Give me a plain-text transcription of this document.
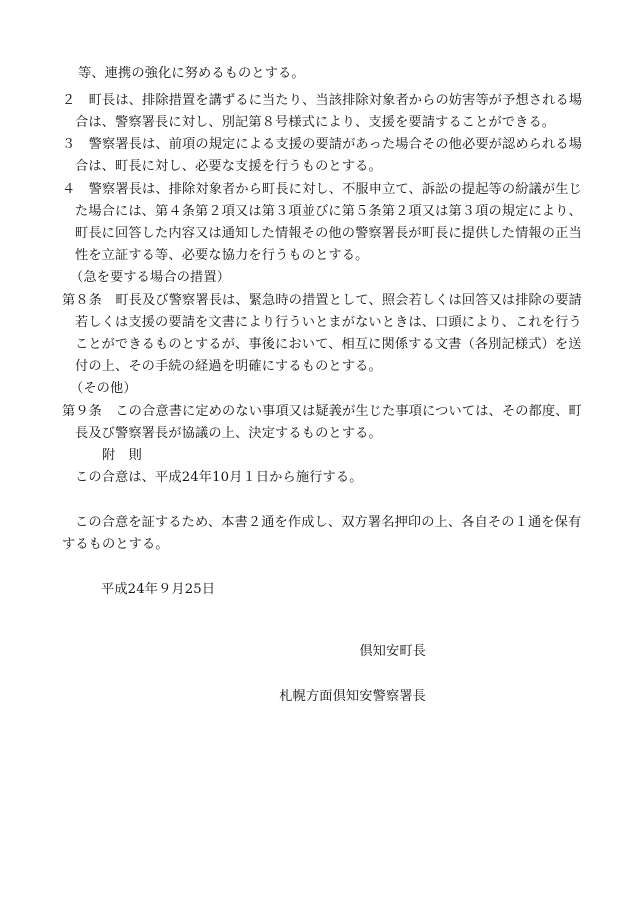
等、連携の強化に努めるものとする。
２　町長は、排除措置を講ずるに当たり、当該排除対象者からの妨害等が予想される場
合は、警察署長に対し、別記第８号様式により、支援を要請することができる。
３　警察署長は、前項の規定による支援の要請があった場合その他必要が認められる場
合は、町長に対し、必要な支援を行うものとする。
４　警察署長は、排除対象者から町長に対し、不服申立て、訴訟の提起等の紛議が生じ
た場合には、第４条第２項又は第３項並びに第５条第２項又は第３項の規定により、
町長に回答した内容又は通知した情報その他の警察署長が町長に提供した情報の正当
性を立証する等、必要な協力を行うものとする。
（急を要する場合の措置）
第８条　町長及び警察署長は、緊急時の措置として、照会若しくは回答又は排除の要請
若しくは支援の要請を文書により行ういとまがないときは、口頭により、これを行う
ことができるものとするが、事後において、相互に関係する文書（各別記様式）を送
付の上、その手続の経過を明確にするものとする。
（その他）
第９条　この合意書に定めのない事項又は疑義が生じた事項については、その都度、町
長及び警察署長が協議の上、決定するものとする。
附　則
この合意は、平成24年10月１日から施行する。
この合意を証するため、本書２通を作成し、双方署名押印の上、各自その１通を保有
するものとする。
平成24年９月25日
倶知安町長
札幌方面倶知安警察署長
